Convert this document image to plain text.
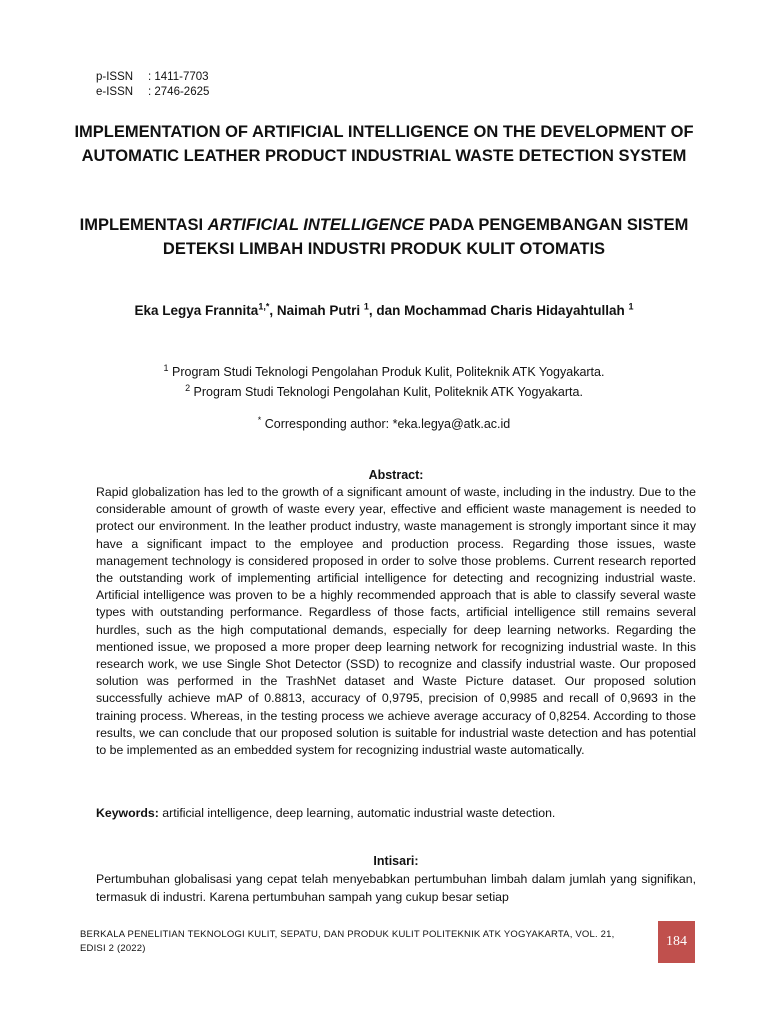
p-ISSN	: 1411-7703
e-ISSN	: 2746-2625
IMPLEMENTATION OF ARTIFICIAL INTELLIGENCE ON THE DEVELOPMENT OF AUTOMATIC LEATHER PRODUCT INDUSTRIAL WASTE DETECTION SYSTEM
IMPLEMENTASI ARTIFICIAL INTELLIGENCE PADA PENGEMBANGAN SISTEM DETEKSI LIMBAH INDUSTRI PRODUK KULIT OTOMATIS
Eka Legya Frannita$^{1,*}$, Naimah Putri $^1$, dan Mochammad Charis Hidayahtullah $^1$
$^1$ Program Studi Teknologi Pengolahan Produk Kulit, Politeknik ATK Yogyakarta.
$^2$ Program Studi Teknologi Pengolahan Kulit, Politeknik ATK Yogyakarta.
* Corresponding author: *eka.legya@atk.ac.id
Abstract:

Rapid globalization has led to the growth of a significant amount of waste, including in the industry. Due to the considerable amount of growth of waste every year, effective and efficient waste management is needed to protect our environment. In the leather product industry, waste management is strongly important since it may have a significant impact to the employee and production process. Regarding those issues, waste management technology is considered proposed in order to solve those problems. Current research reported the outstanding work of implementing artificial intelligence for detecting and recognizing industrial waste. Artificial intelligence was proven to be a highly recommended approach that is able to classify several waste types with outstanding performance. Regardless of those facts, artificial intelligence still remains several hurdles, such as the high computational demands, especially for deep learning networks. Regarding the mentioned issue, we proposed a more proper deep learning network for recognizing industrial waste. In this research work, we use Single Shot Detector (SSD) to recognize and classify industrial waste. Our proposed solution was performed in the TrashNet dataset and Waste Picture dataset. Our proposed solution successfully achieve mAP of 0.8813, accuracy of 0,9795, precision of 0,9985 and recall of 0,9693 in the training process. Whereas, in the testing process we achieve average accuracy of 0,8254. According to those results, we can conclude that our proposed solution is suitable for industrial waste detection and has potential to be implemented as an embedded system for recognizing industrial waste automatically.

Keywords: artificial intelligence, deep learning, automatic industrial waste detection.
Intisari:

Pertumbuhan globalisasi yang cepat telah menyebabkan pertumbuhan limbah dalam jumlah yang signifikan, termasuk di industri. Karena pertumbuhan sampah yang cukup besar setiap

BERKALA PENELITIAN TEKNOLOGI KULIT, SEPATU, DAN PRODUK KULIT POLITEKNIK ATK YOGYAKARTA, VOL. 21, EDISI 2 (2022)	184
